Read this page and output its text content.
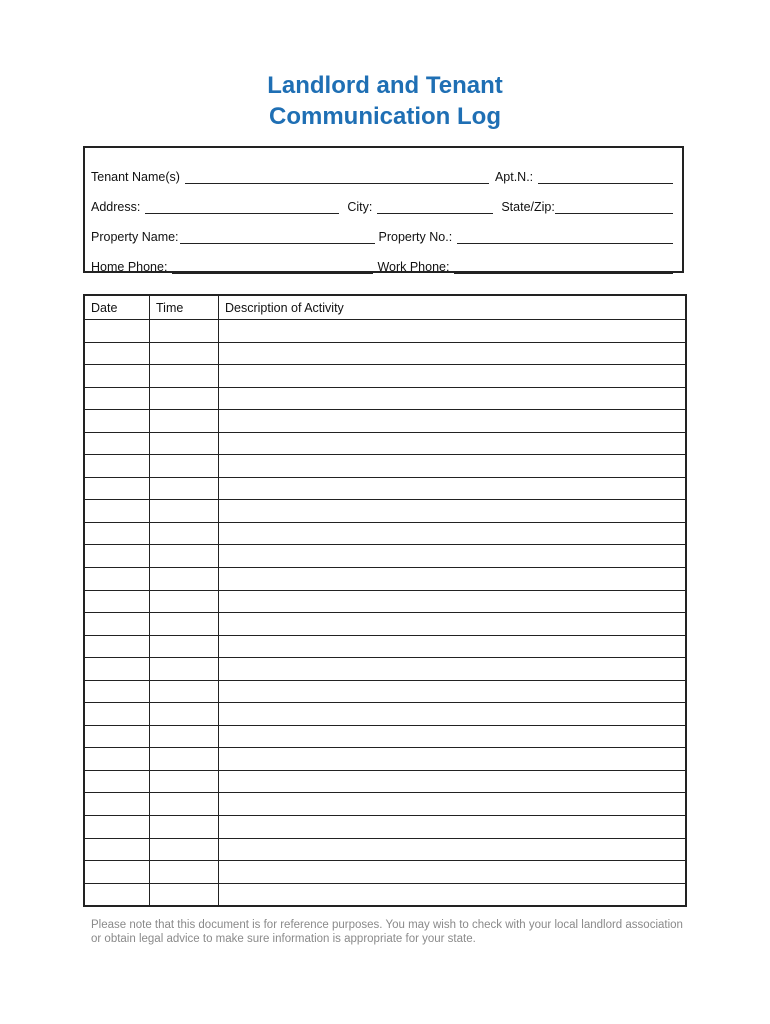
Landlord and Tenant
Communication Log
Tenant Name(s)	Apt.N.:
Address:	City:	State/Zip:
Property Name:	Property No.:
Home Phone:	Work Phone:
Date	Time	Description of Activity

Please note that this document is for reference purposes. You may wish to check with your local landlord association or obtain legal advice to make sure information is appropriate for your state.
